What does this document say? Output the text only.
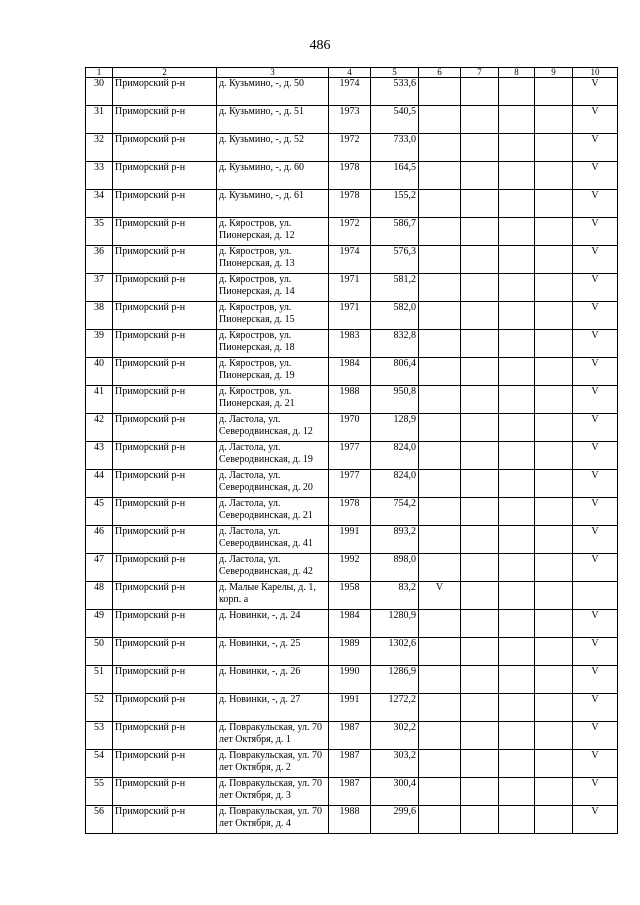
486
1	2	3	4	5	6	7	8	9	10
30	Приморский р-н	д. Кузьмино, -, д. 50	1974	533,6					V
31	Приморский р-н	д. Кузьмино, -, д. 51	1973	540,5					V
32	Приморский р-н	д. Кузьмино, -, д. 52	1972	733,0					V
33	Приморский р-н	д. Кузьмино, -, д. 60	1978	164,5					V
34	Приморский р-н	д. Кузьмино, -, д. 61	1978	155,2					V
35	Приморский р-н	д. Кяростров, ул. Пионерская, д. 12	1972	586,7					V
36	Приморский р-н	д. Кяростров, ул. Пионерская, д. 13	1974	576,3					V
37	Приморский р-н	д. Кяростров, ул. Пионерская, д. 14	1971	581,2					V
38	Приморский р-н	д. Кяростров, ул. Пионерская, д. 15	1971	582,0					V
39	Приморский р-н	д. Кяростров, ул. Пионерская, д. 18	1983	832,8					V
40	Приморский р-н	д. Кяростров, ул. Пионерская, д. 19	1984	806,4					V
41	Приморский р-н	д. Кяростров, ул. Пионерская, д. 21	1988	950,8					V
42	Приморский р-н	д. Ластола, ул. Северодвинская, д. 12	1970	128,9					V
43	Приморский р-н	д. Ластола, ул. Северодвинская, д. 19	1977	824,0					V
44	Приморский р-н	д. Ластола, ул. Северодвинская, д. 20	1977	824,0					V
45	Приморский р-н	д. Ластола, ул. Северодвинская, д. 21	1978	754,2					V
46	Приморский р-н	д. Ластола, ул. Северодвинская, д. 41	1991	893,2					V
47	Приморский р-н	д. Ластола, ул. Северодвинская, д. 42	1992	898,0					V
48	Приморский р-н	д. Малые Карелы, д. 1, корп. а	1958	83,2	V				
49	Приморский р-н	д. Новинки, -, д. 24	1984	1280,9					V
50	Приморский р-н	д. Новинки, -, д. 25	1989	1302,6					V
51	Приморский р-н	д. Новинки, -, д. 26	1990	1286,9					V
52	Приморский р-н	д. Новинки, -, д. 27	1991	1272,2					V
53	Приморский р-н	д. Повракульская, ул. 70 лет Октября, д. 1	1987	302,2					V
54	Приморский р-н	д. Повракульская, ул. 70 лет Октября, д. 2	1987	303,2					V
55	Приморский р-н	д. Повракульская, ул. 70 лет Октября, д. 3	1987	300,4					V
56	Приморский р-н	д. Повракульская, ул. 70 лет Октября, д. 4	1988	299,6					V
